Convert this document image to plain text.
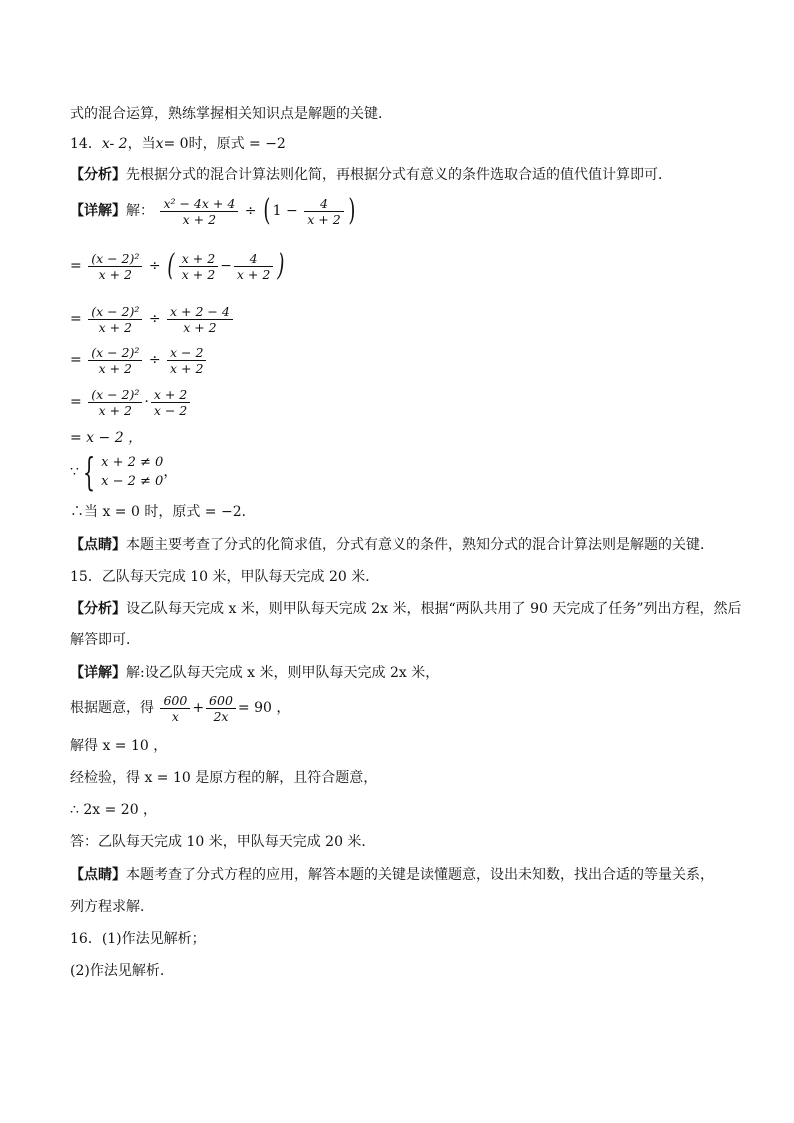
式的混合运算，熟练掌握相关知识点是解题的关键．
14．x- 2，当x= 0时，原式 = −2
【分析】先根据分式的混合计算法则化简，再根据分式有意义的条件选取合适的值代值计算即可．
【详解】解： $\frac{\text{x² − 4x + 4}}{x + 2}$ ÷ ( $1 - \frac{4}{x + 2}$ )
= $\frac{\text{(x − 2)²}}{x + 2}$ ÷ ( $\frac{x + 2}{x + 2} - \frac{4}{x + 2}$ )
= $\frac{\text{(x − 2)²}}{x + 2} \div \frac{x + 2 - 4}{x + 2}$
= $\frac{\text{(x − 2)²}}{x + 2} \div \frac{x - 2}{x + 2}$
= $\frac{\text{(x − 2)²}}{x + 2} \cdot \frac{x + 2}{x - 2}$
= x − 2 ，
∵ { x + 2 ≠ 0
x − 2 ≠ 0
，
∴当 x = 0 时，原式 = −2．
【点睛】本题主要考查了分式的化简求值，分式有意义的条件，熟知分式的混合计算法则是解题的关键．
15．乙队每天完成 10 米，甲队每天完成 20 米．
【分析】设乙队每天完成 x 米，则甲队每天完成 2x 米，根据“两队共用了 90 天完成了任务”列出方程，然后
解答即可．
【详解】解:设乙队每天完成 x 米，则甲队每天完成 2x 米，
根据题意，得 $\frac{600}{x} + \frac{600}{2x} = 90$ ，
解得 x = 10 ，
经检验，得 x = 10 是原方程的解，且符合题意，
∴ 2x = 20 ，
答：乙队每天完成 10 米，甲队每天完成 20 米．
【点睛】本题考查了分式方程的应用，解答本题的关键是读懂题意，设出未知数，找出合适的等量关系，
列方程求解．
16．(1)作法见解析；
(2)作法见解析.
